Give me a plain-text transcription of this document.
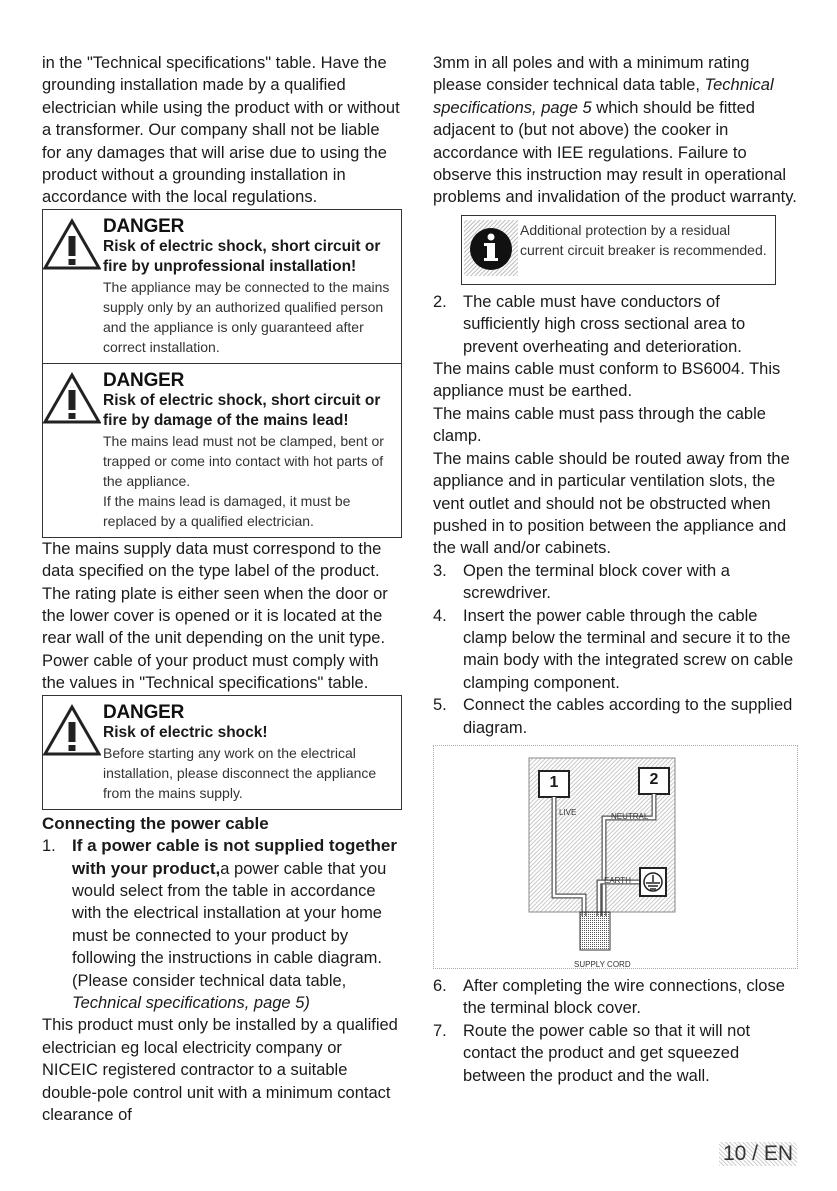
in the "Technical specifications" table. Have the grounding installation made by a qualified electrician while using the product with or without a transformer. Our company shall not be liable for any damages that will arise due to using the product without a grounding installation in accordance with the local regulations.

DANGER
Risk of electric shock, short circuit or fire by unprofessional installation!
The appliance may be connected to the mains supply only by an authorized qualified person and the appliance is only guaranteed after correct installation.
DANGER
Risk of electric shock, short circuit or fire by damage of the mains lead!
The mains lead must not be clamped, bent or trapped or come into contact with hot parts of the appliance.
If the mains lead is damaged, it must be replaced by a qualified electrician.

The mains supply data must correspond to the data specified on the type label of the product. The rating plate is either seen when the door or the lower cover is opened or it is located at the rear wall of the unit depending on the unit type.

Power cable of your product must comply with the values in "Technical specifications" table.

DANGER
Risk of electric shock!
Before starting any work on the electrical installation, please disconnect the appliance from the mains supply.
Connecting the power cable
1. If a power cable is not supplied together with your product,a power cable that you would select from the table in accordance with the electrical installation at your home must be connected to your product by following the instructions in cable diagram. (Please consider technical data table, Technical specifications, page 5)

This product must only be installed by a qualified electrician eg local electricity company or NICEIC registered contractor to a suitable double-pole control unit with a minimum contact clearance of

3mm in all poles and with a minimum rating please consider technical data table, Technical specifications, page 5 which should be fitted adjacent to (but not above) the cooker in accordance with IEE regulations. Failure to observe this instruction may result in operational problems and invalidation of the product warranty.

Additional protection by a residual current circuit breaker is recommended.
2. The cable must have conductors of sufficiently high cross sectional area to prevent overheating and deterioration.

The mains cable must conform to BS6004. This appliance must be earthed.

The mains cable must pass through the cable clamp.

The mains cable should be routed away from the appliance and in particular ventilation slots, the vent outlet and should not be obstructed when pushed in to position between the appliance and the wall and/or cabinets.

3. Open the terminal block cover with a screwdriver.
4. Insert the power cable through the cable clamp below the terminal and secure it to the main body with the integrated screw on cable clamping component.
5. Connect the cables according to the supplied diagram.
1	2
LIVE	NEUTRAL
EARTH
SUPPLY CORD
6. After completing the wire connections, close the terminal block cover.
7. Route the power cable so that it will not contact the product and get squeezed between the product and the wall.
10 / EN
